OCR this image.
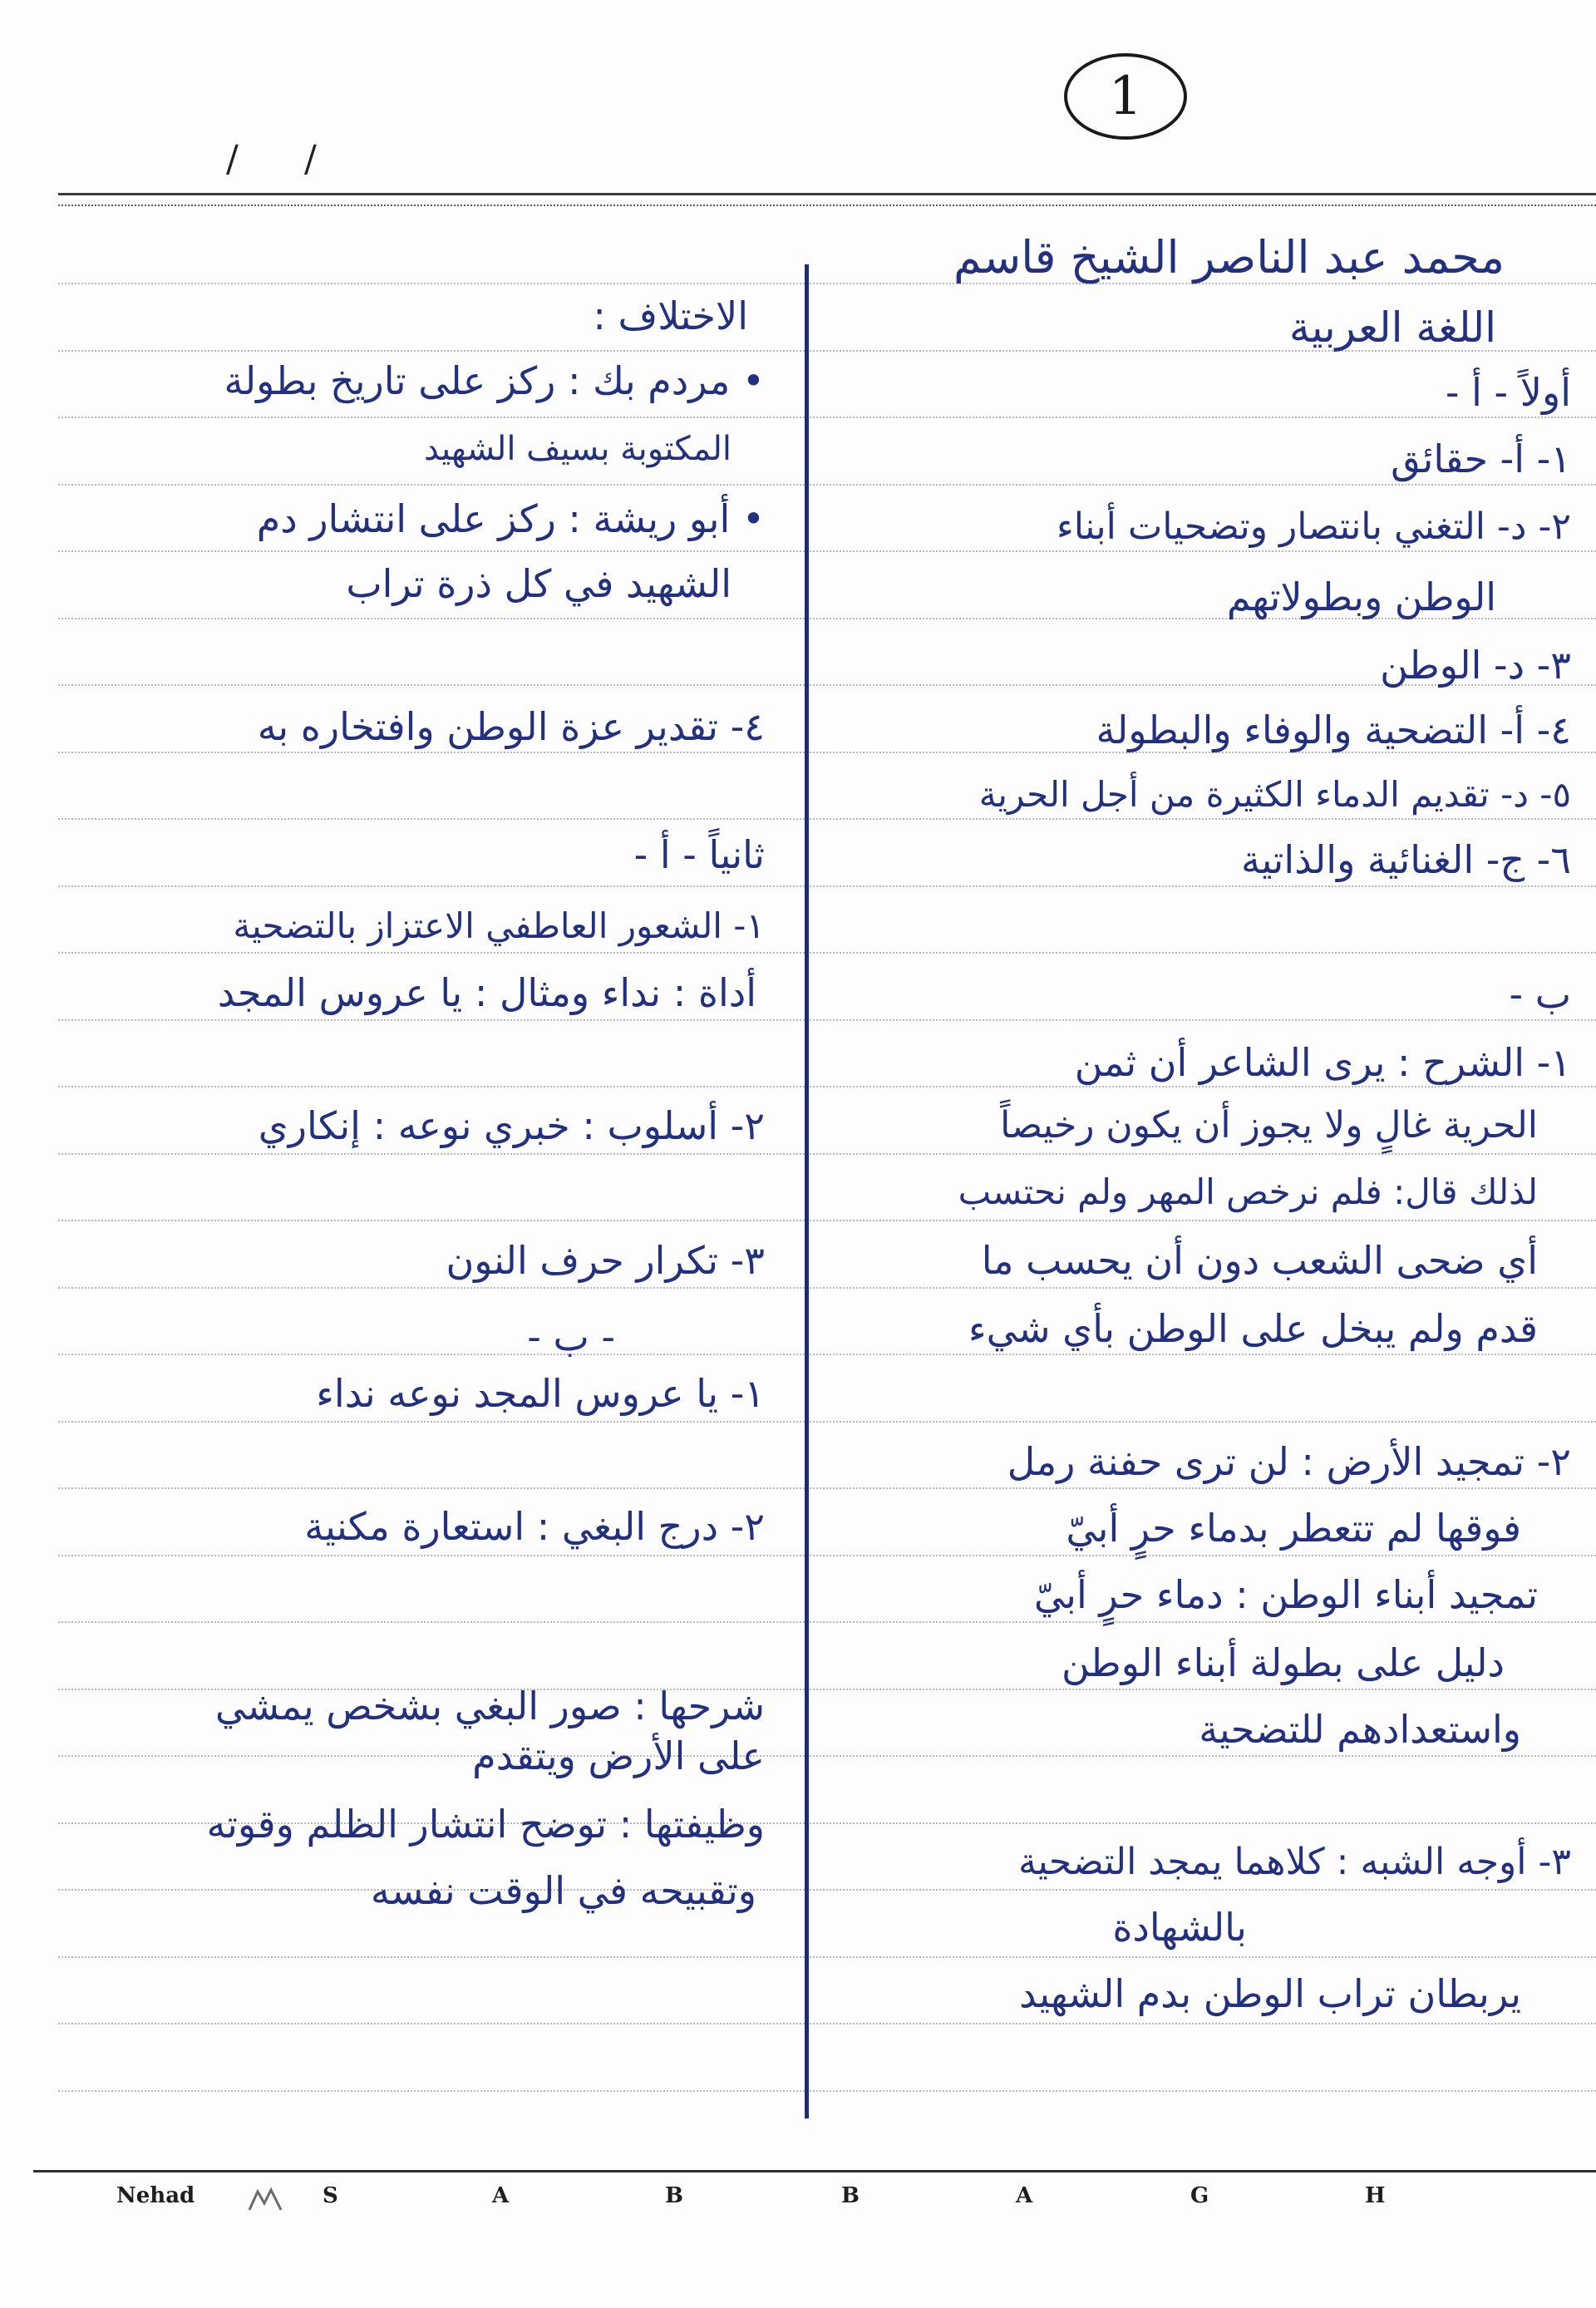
1
/ /
محمد عبد الناصر الشيخ قاسم
اللغة العربية
أولاً - أ -
١- أ- حقائق
٢- د- التغني بانتصار وتضحيات أبناء
الوطن وبطولاتهم
٣- د- الوطن
٤- أ- التضحية والوفاء والبطولة
٥- د- تقديم الدماء الكثيرة من أجل الحرية
٦- ج- الغنائية والذاتية
ب -
١- الشرح : يرى الشاعر أن ثمن
الحرية غالٍ ولا يجوز أن يكون رخيصاً
لذلك قال: فلم نرخص المهر ولم نحتسب
أي ضحى الشعب دون أن يحسب ما
قدم ولم يبخل على الوطن بأي شيء
٢- تمجيد الأرض : لن ترى حفنة رمل
فوقها لم تتعطر بدماء حرٍ أبيّ
تمجيد أبناء الوطن : دماء حرٍ أبيّ
دليل على بطولة أبناء الوطن
واستعدادهم للتضحية
٣- أوجه الشبه : كلاهما يمجد التضحية
بالشهادة
يربطان تراب الوطن بدم الشهيد
الاختلاف :
• مردم بك : ركز على تاريخ بطولة
المكتوبة بسيف الشهيد
• أبو ريشة : ركز على انتشار دم
الشهيد في كل ذرة تراب
٤- تقدير عزة الوطن وافتخاره به
ثانياً - أ -
١- الشعور العاطفي الاعتزاز بالتضحية
أداة : نداء ومثال : يا عروس المجد
٢- أسلوب : خبري نوعه : إنكاري
٣- تكرار حرف النون
- ب -
١- يا عروس المجد نوعه نداء
٢- درج البغي : استعارة مكنية
شرحها : صور البغي بشخص يمشي
على الأرض ويتقدم
وظيفتها : توضح انتشار الظلم وقوته
وتقبيحه في الوقت نفسه
Nehad	S	A	B	B	A	G	H
